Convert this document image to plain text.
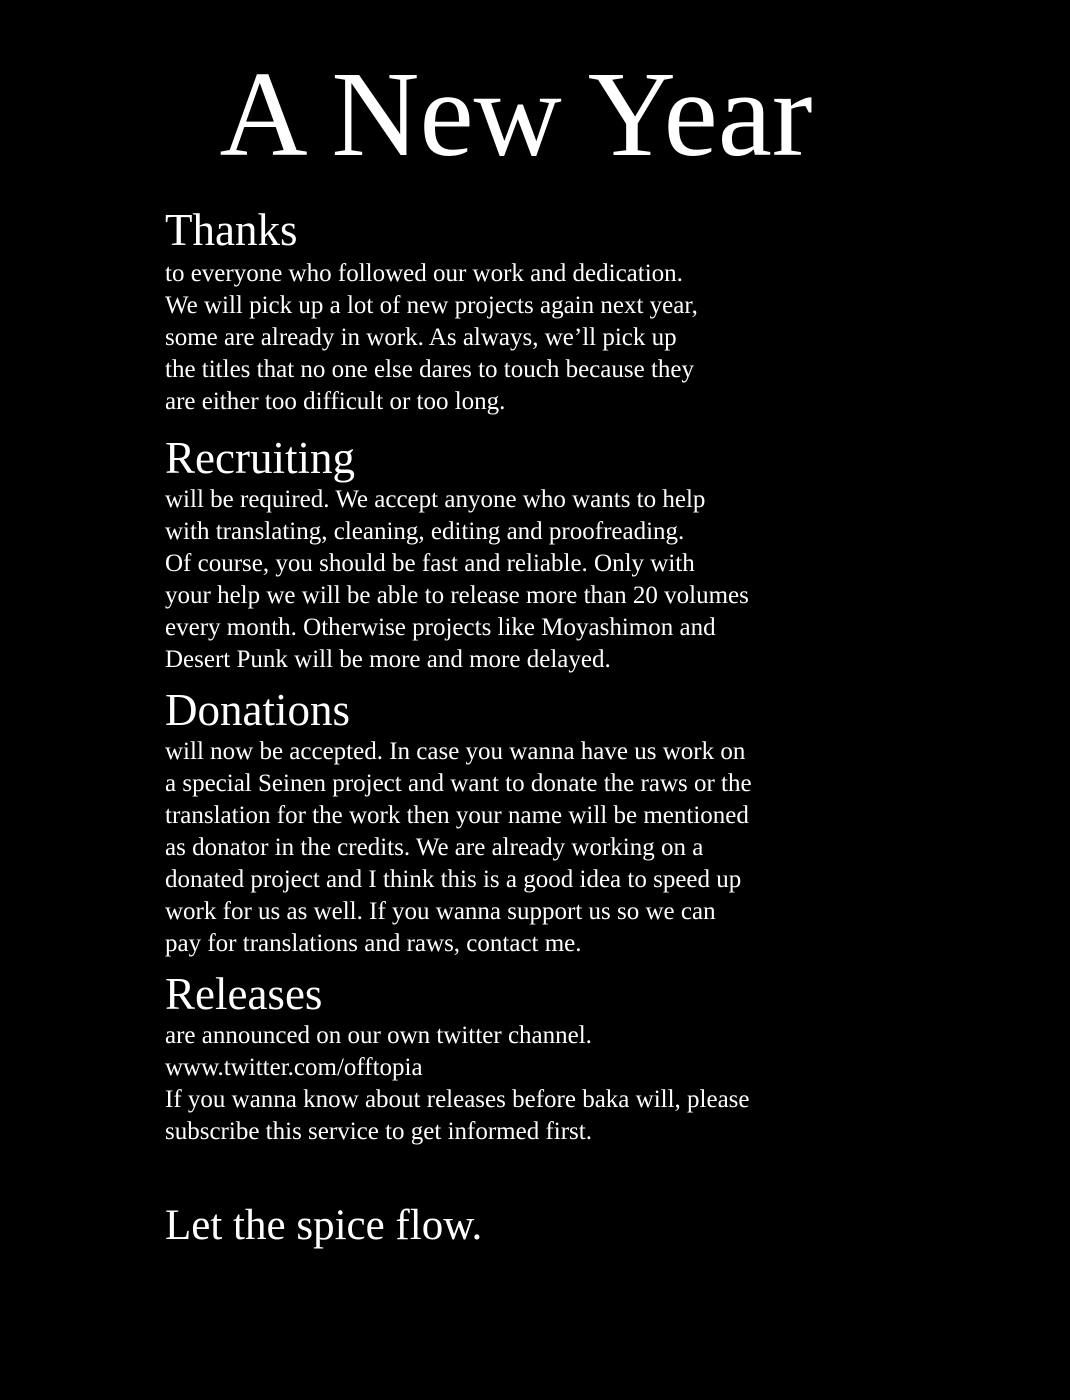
A New Year
Thanks
to everyone who followed our work and dedication.
We will pick up a lot of new projects again next year,
some are already in work. As always, we’ll pick up
the titles that no one else dares to touch because they
are either too difficult or too long.
Recruiting
will be required. We accept anyone who wants to help
with translating, cleaning, editing and proofreading.
Of course, you should be fast and reliable. Only with
your help we will be able to release more than 20 volumes
every month. Otherwise projects like Moyashimon and
Desert Punk will be more and more delayed.
Donations
will now be accepted. In case you wanna have us work on
a special Seinen project and want to donate the raws or the
translation for the work then your name will be mentioned
as donator in the credits. We are already working on a
donated project and I think this is a good idea to speed up
work for us as well. If you wanna support us so we can
pay for translations and raws, contact me.
Releases
are announced on our own twitter channel.
www.twitter.com/offtopia
If you wanna know about releases before baka will, please
subscribe this service to get informed first.
Let the spice flow.
